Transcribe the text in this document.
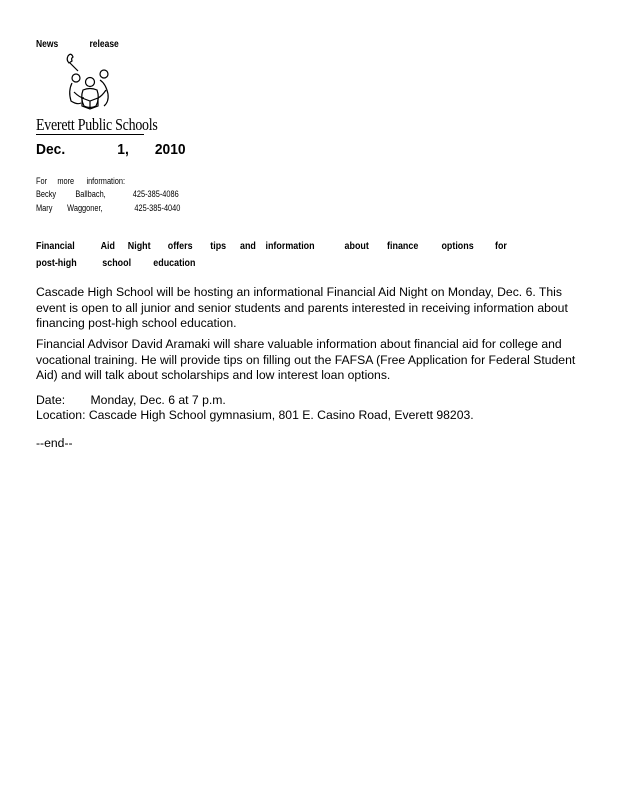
News	release
Everett Public Schools
Dec.    1,  2010
For     more      information:
Becky Ballbach,	425-385-4086
Mary Waggoner,	425-385-4040
Financial Aid Night offers tips and information	about finance options for
post-high school education
Cascade High School will be hosting an informational Financial Aid Night on Monday, Dec. 6. This event is open to all junior and senior students and parents interested in receiving information about financing post-high school education.
Financial Advisor David Aramaki will share valuable information about financial aid for college and vocational training. He will provide tips on filling out the FAFSA (Free Application for Federal Student Aid) and will talk about scholarships and low interest loan options.
Date: Monday, Dec. 6 at 7 p.m.
Location: Cascade High School gymnasium, 801 E. Casino Road, Everett 98203.
--end--
